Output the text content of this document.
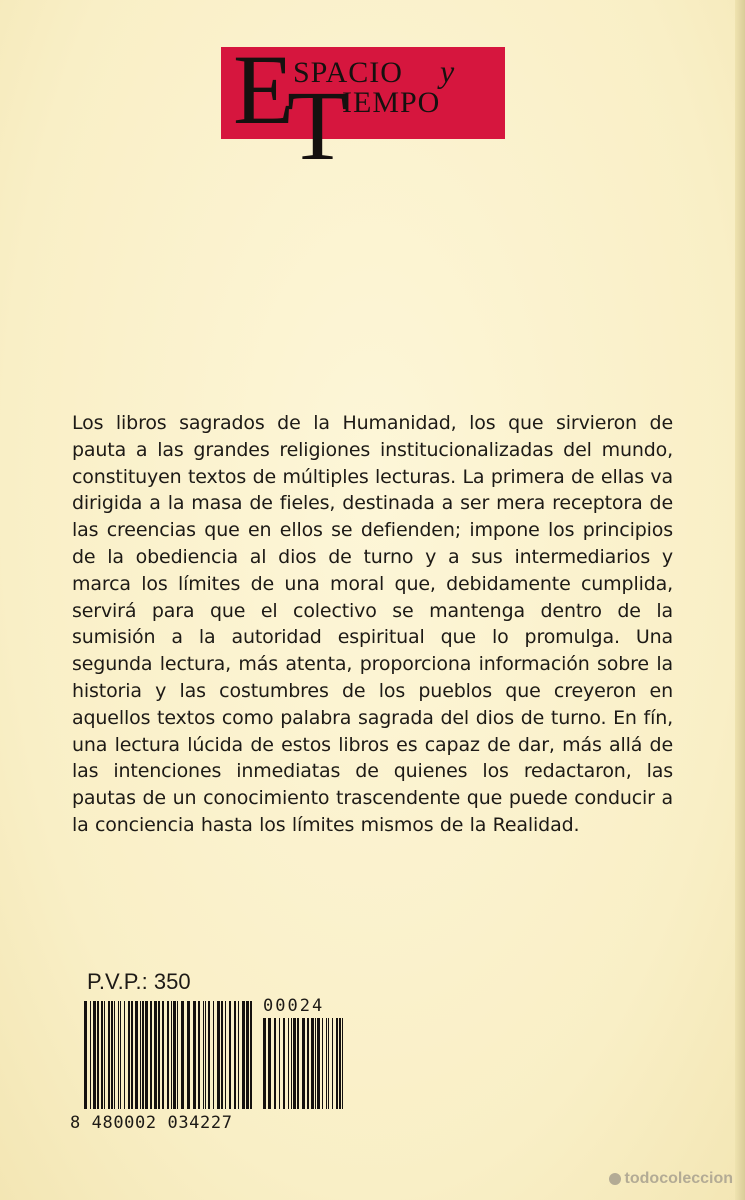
E
SPACIO y
T
IEMPO

Los libros sagrados de la Humanidad, los que sirvieron de pauta a las grandes religiones institucionalizadas del mundo, constituyen textos de múltiples lecturas. La primera de ellas va dirigida a la masa de fieles, destinada a ser mera receptora de las creencias que en ellos se defienden; impone los principios de la obediencia al dios de turno y a sus intermediarios y marca los límites de una moral que, debidamente cumplida, servirá para que el colectivo se mantenga dentro de la sumisión a la autoridad espiritual que lo promulga. Una segunda lectura, más atenta, proporciona información sobre la historia y las costumbres de los pueblos que creyeron en aquellos textos como palabra sagrada del dios de turno. En fín, una lectura lúcida de estos libros es capaz de dar, más allá de las intenciones inmediatas de quienes los redactaron, las pautas de un conocimiento trascendente que puede conducir a la conciencia hasta los límites mismos de la Realidad.

P.V.P.: 350
00024
8 480002 034227
todocoleccion
